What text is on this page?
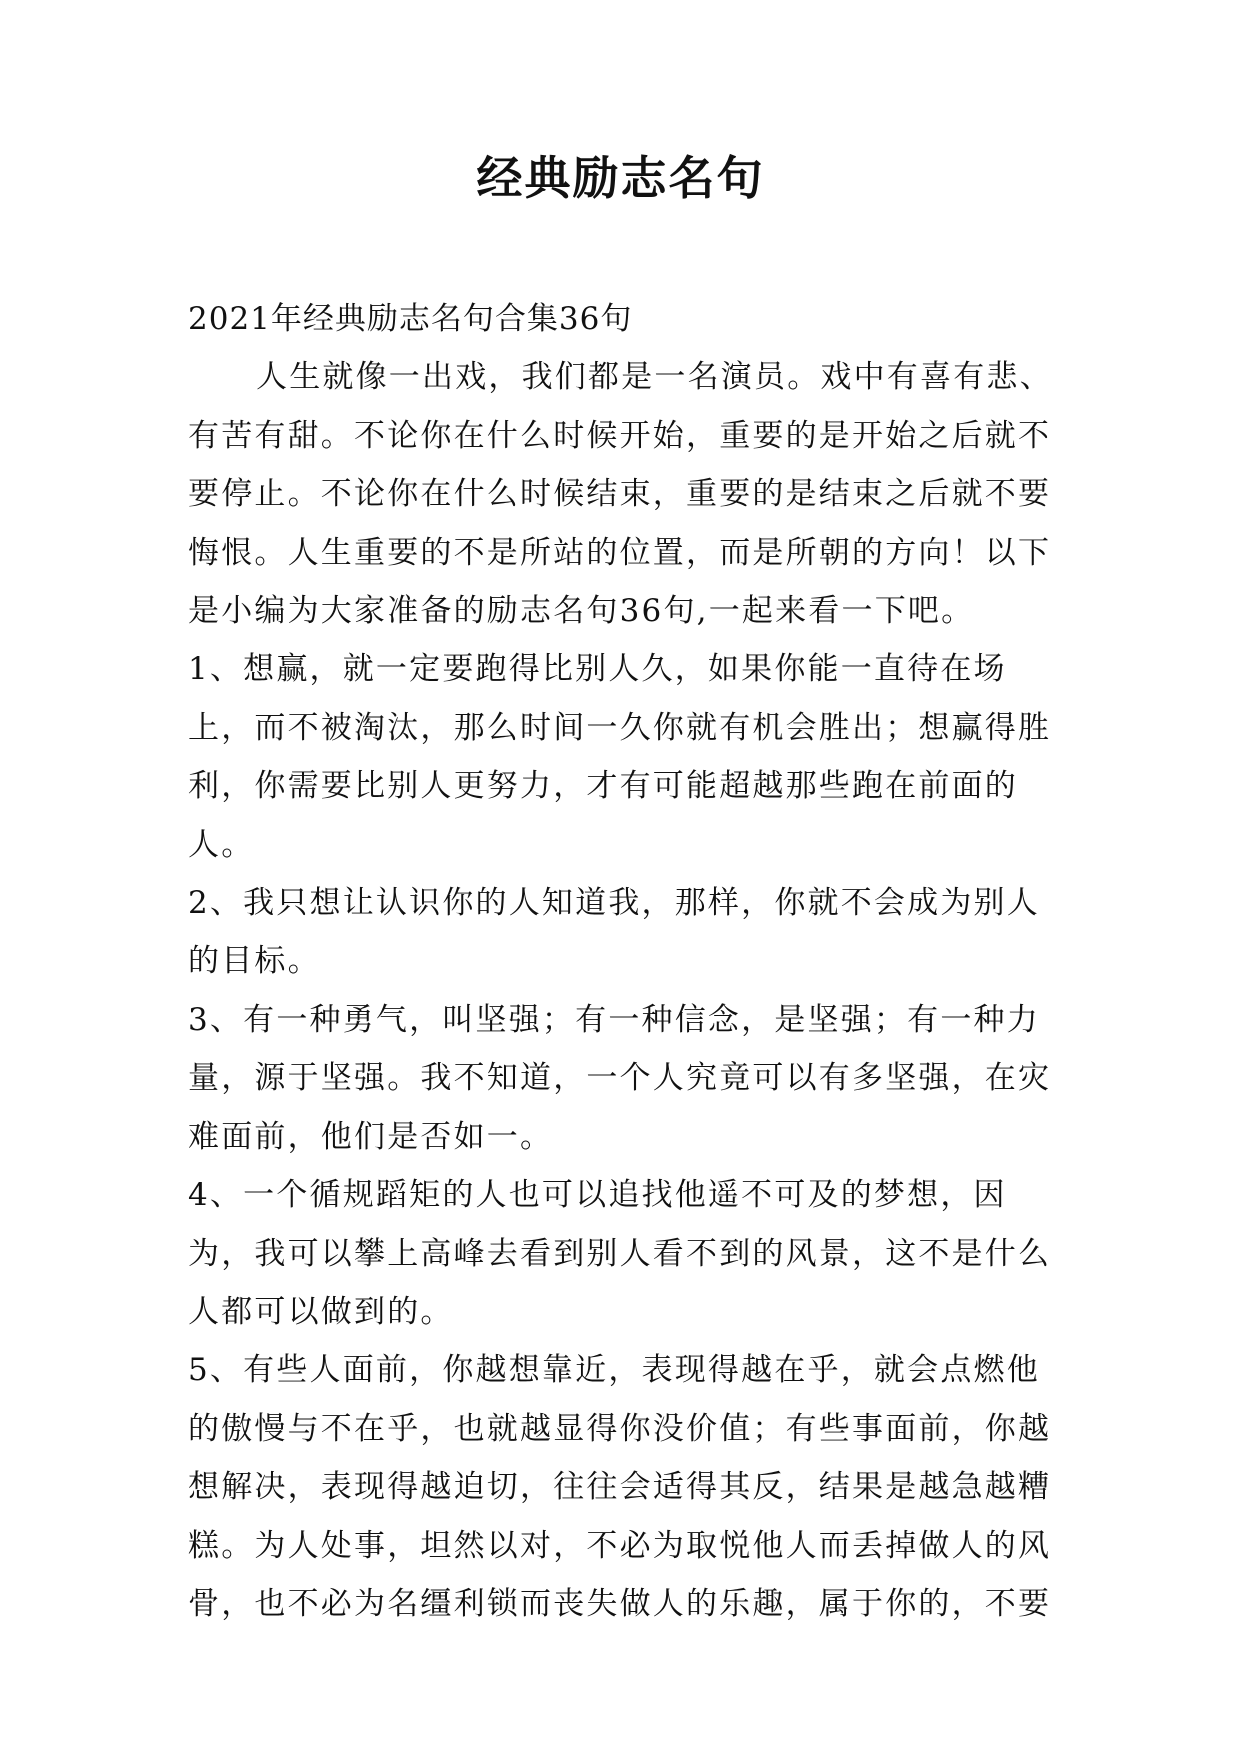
经典励志名句

2021年经典励志名句合集36句

人生就像一出戏，我们都是一名演员。戏中有喜有悲、有苦有甜。不论你在什么时候开始，重要的是开始之后就不要停止。不论你在什么时候结束，重要的是结束之后就不要悔恨。人生重要的不是所站的位置，而是所朝的方向！以下是小编为大家准备的励志名句36句,一起来看一下吧。

1、想赢，就一定要跑得比别人久，如果你能一直待在场上，而不被淘汰，那么时间一久你就有机会胜出；想赢得胜利，你需要比别人更努力，才有可能超越那些跑在前面的人。

2、我只想让认识你的人知道我，那样，你就不会成为别人的目标。

3、有一种勇气，叫坚强；有一种信念，是坚强；有一种力量，源于坚强。我不知道，一个人究竟可以有多坚强，在灾难面前，他们是否如一。

4、一个循规蹈矩的人也可以追找他遥不可及的梦想，因为，我可以攀上高峰去看到别人看不到的风景，这不是什么人都可以做到的。

5、有些人面前，你越想靠近，表现得越在乎，就会点燃他的傲慢与不在乎，也就越显得你没价值；有些事面前，你越想解决，表现得越迫切，往往会适得其反，结果是越急越糟糕。为人处事，坦然以对，不必为取悦他人而丢掉做人的风骨，也不必为名缰利锁而丧失做人的乐趣，属于你的，不要
